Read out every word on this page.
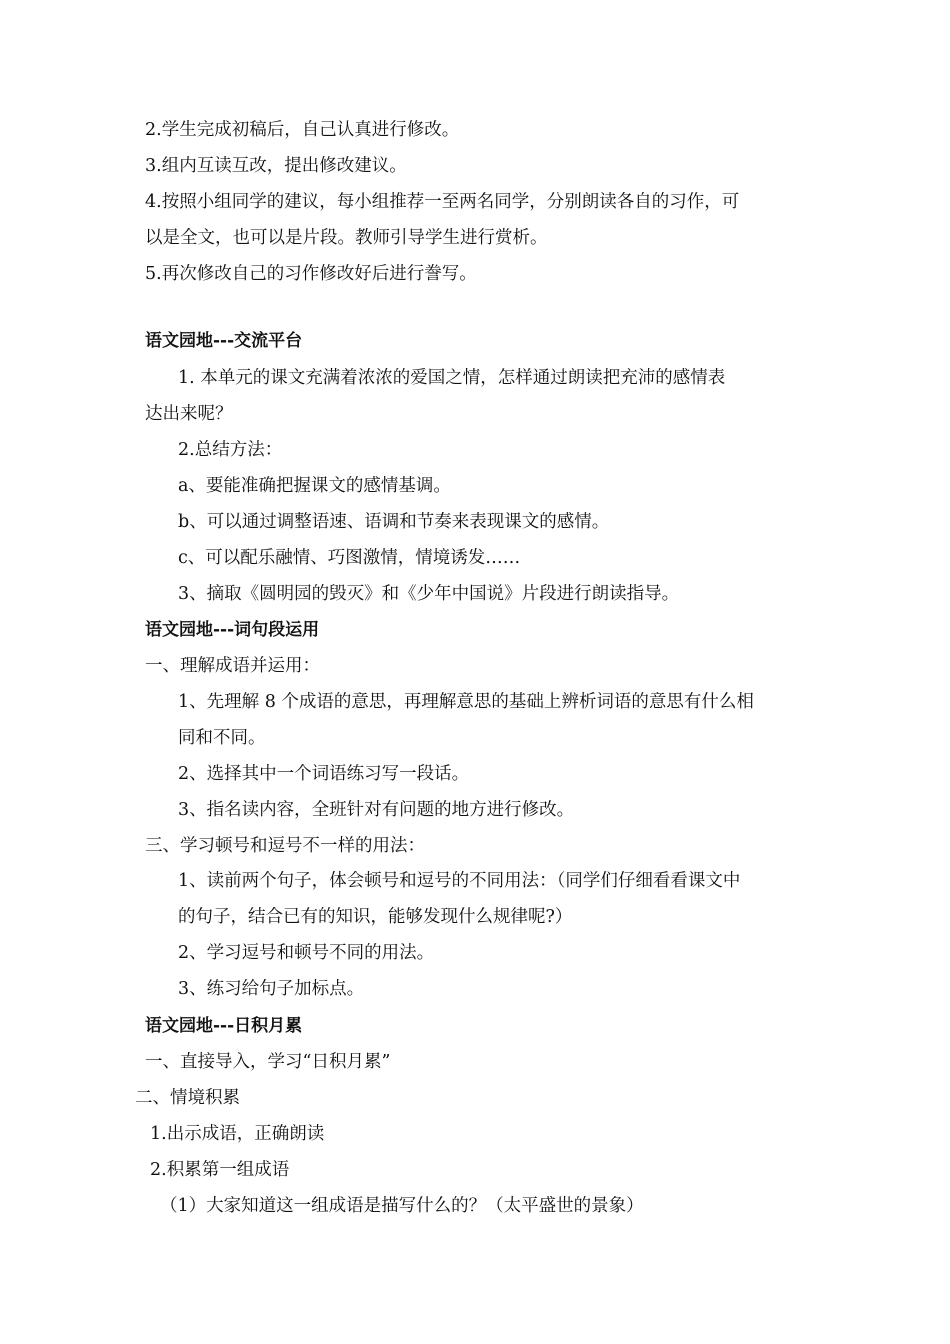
2.学生完成初稿后，自己认真进行修改。
3.组内互读互改，提出修改建议。
4.按照小组同学的建议，每小组推荐一至两名同学，分别朗读各自的习作，可
以是全文，也可以是片段。教师引导学生进行赏析。
5.再次修改自己的习作修改好后进行誊写。
语文园地---交流平台
1. 本单元的课文充满着浓浓的爱国之情，怎样通过朗读把充沛的感情表
达出来呢？
2.总结方法：
a、要能准确把握课文的感情基调。
b、可以通过调整语速、语调和节奏来表现课文的感情。
c、可以配乐融情、巧图激情，情境诱发……
3、摘取《圆明园的毁灭》和《少年中国说》片段进行朗读指导。
语文园地---词句段运用
一、理解成语并运用：
1、先理解 8 个成语的意思，再理解意思的基础上辨析词语的意思有什么相
同和不同。
2、选择其中一个词语练习写一段话。
3、指名读内容，全班针对有问题的地方进行修改。
三、学习顿号和逗号不一样的用法：
1、读前两个句子，体会顿号和逗号的不同用法：（同学们仔细看看课文中
的句子，结合已有的知识，能够发现什么规律呢?）
2、学习逗号和顿号不同的用法。
3、练习给句子加标点。
语文园地---日积月累
一、直接导入，学习“日积月累”
二、情境积累
1.出示成语，正确朗读
2.积累第一组成语
（1）大家知道这一组成语是描写什么的？（太平盛世的景象）
